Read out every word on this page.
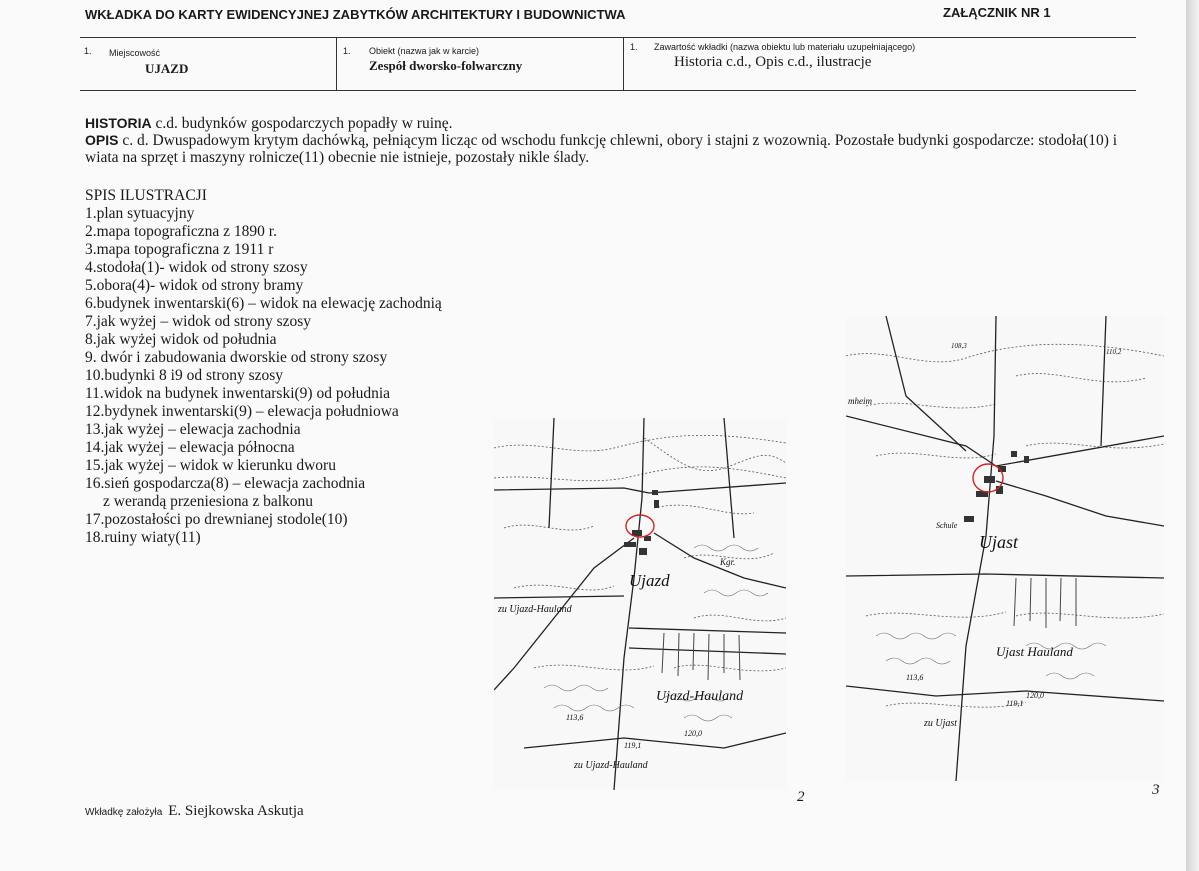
WKŁADKA DO KARTY EWIDENCYJNEJ ZABYTKÓW ARCHITEKTURY I BUDOWNICTWA	ZAŁĄCZNIK NR 1
1. Miejscowość
UJAZD
1. Obiekt (nazwa jak w karcie)
Zespół dworsko-folwarczny
1. Zawartość wkładki (nazwa obiektu lub materiału uzupełniającego)
Historia c.d., Opis c.d., ilustracje

HISTORIA c.d. budynków gospodarczych popadły w ruinę.

OPIS c. d. Dwuspadowym krytym dachówką, pełniącym licząc od wschodu funkcję chlewni, obory i stajni z wozownią. Pozostałe budynki gospodarcze: stodoła(10) i wiata na sprzęt i maszyny rolnicze(11) obecnie nie istnieje, pozostały nikle ślady.

SPIS ILUSTRACJI
1.plan sytuacyjny
2.mapa topograficzna z 1890 r.
3.mapa topograficzna z 1911 r
4.stodoła(1)- widok od strony szosy
5.obora(4)- widok od strony bramy
6.budynek inwentarski(6) – widok na elewację zachodnią
7.jak wyżej – widok od strony szosy
8.jak wyżej widok od południa
9. dwór i zabudowania dworskie od strony szosy
10.budynki 8 i9 od strony szosy
11.widok na budynek inwentarski(9) od południa
12.bydynek inwentarski(9) – elewacja południowa
13.jak wyżej – elewacja zachodnia
14.jak wyżej – elewacja północna
15.jak wyżej – widok w kierunku dworu
16.sień gospodarcza(8) – elewacja zachodnia
z werandą przeniesiona z balkonu
17.pozostałości po drewnianej stodole(10)
18.ruiny wiaty(11)
Ujazd
zu Ujazd-Hauland
Ujazd-Hauland
zu Ujazd-Hauland
Kgr.
113,6
119,1
120,0
2
Ujast
Ujast Hauland
zu Ujast
Schule
mheim
108,3
110,2
113,6
119,1
120,0
3
Wkładkę założyła E. Siejkowska Askutja
